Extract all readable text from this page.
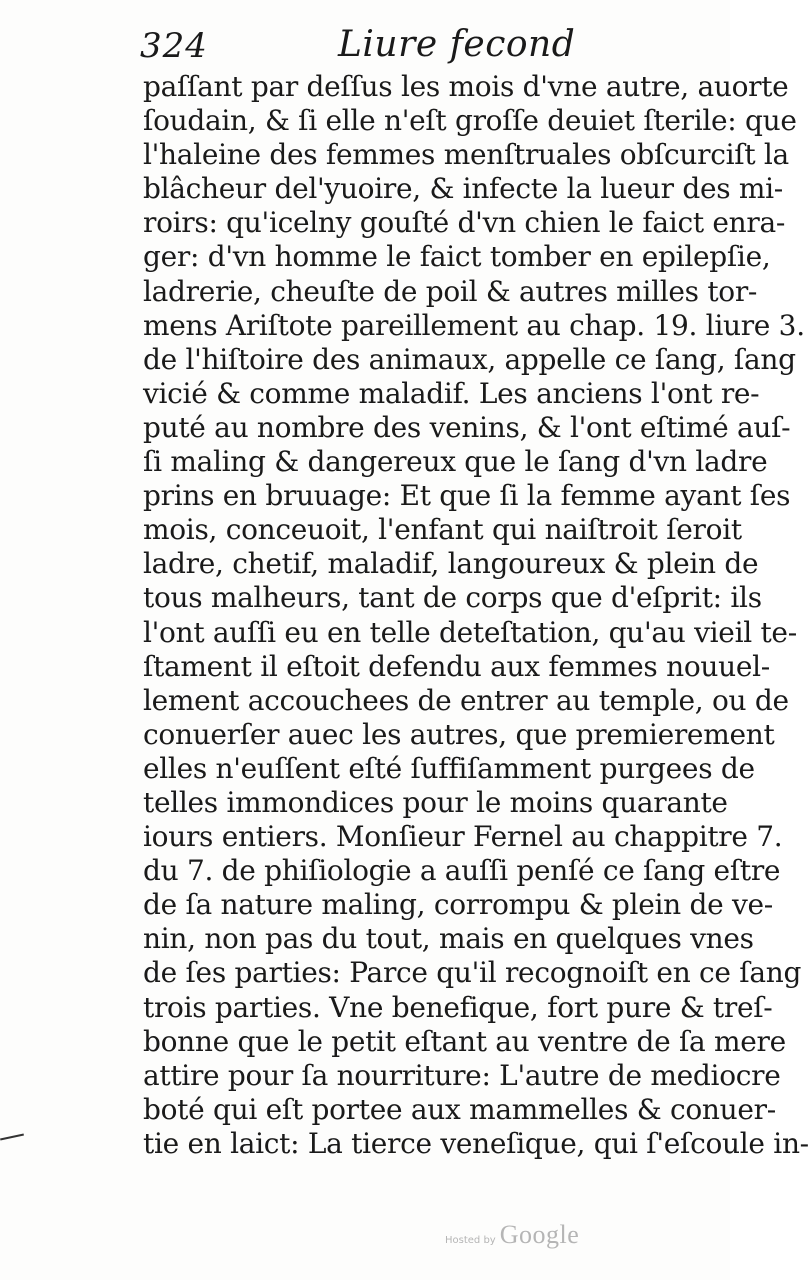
324	Liure fecond
paſſant par deſſus les mois d'vne autre, auorte
ſoudain, & ſi elle n'eſt groſſe deuiet ſterile: que
l'haleine des femmes menſtruales obſcurciſt la
blâcheur del'yuoire, & infecte la lueur des mi-
roirs: qu'icelny gouſté d'vn chien le faict enra-
ger: d'vn homme le faict tomber en epilepſie,
ladrerie, cheuſte de poil & autres milles tor-
mens Ariſtote pareillement au chap. 19. liure 3.
de l'hiſtoire des animaux, appelle ce ſang, ſang
vicié & comme maladif. Les anciens l'ont re-
puté au nombre des venins, & l'ont eſtimé auſ-
ſi maling & dangereux que le ſang d'vn ladre
prins en bruuage: Et que ſi la femme ayant ſes
mois, conceuoit, l'enfant qui naiſtroit ſeroit
ladre, chetif, maladif, langoureux & plein de
tous malheurs, tant de corps que d'eſprit: ils
l'ont auſſi eu en telle deteſtation, qu'au vieil te-
ſtament il eſtoit defendu aux femmes nouuel-
lement accouchees de entrer au temple, ou de
conuerſer auec les autres, que premierement
elles n'euſſent eſté ſuffiſamment purgees de
telles immondices pour le moins quarante
iours entiers. Monſieur Fernel au chappitre 7.
du 7. de phiſiologie a auſſi penſé ce ſang eſtre
de ſa nature maling, corrompu & plein de ve-
nin, non pas du tout, mais en quelques vnes
de ſes parties: Parce qu'il recognoiſt en ce ſang
trois parties. Vne benefique, fort pure & treſ-
bonne que le petit eſtant au ventre de ſa mere
attire pour ſa nourriture: L'autre de mediocre
boté qui eſt portee aux mammelles & conuer-
tie en laict: La tierce veneſique, qui ſ'eſcoule in-
Hosted by Google
